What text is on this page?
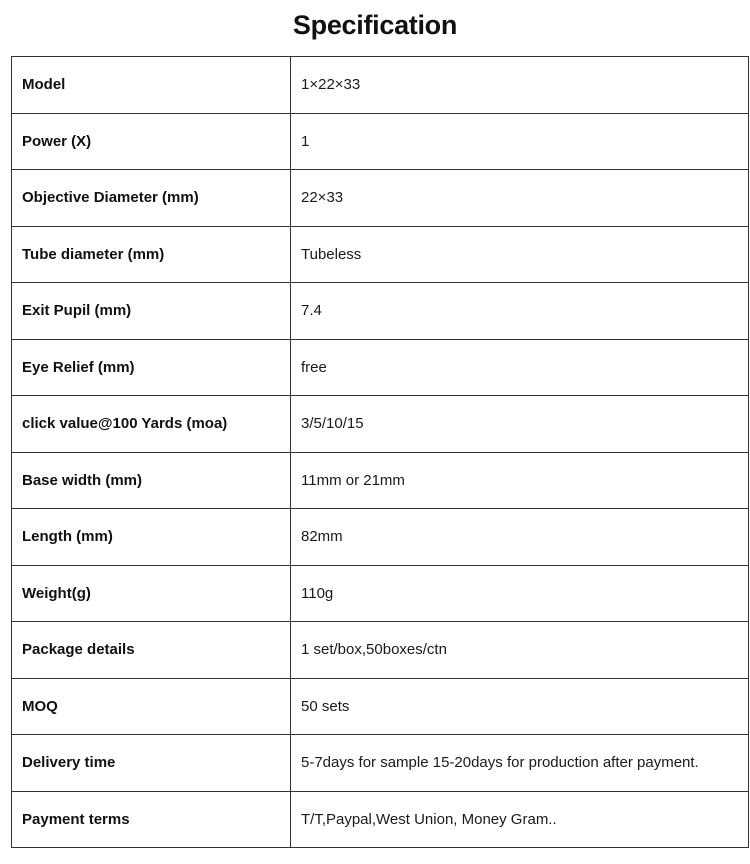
Specification
Model	1×22×33
Power (X)	1
Objective Diameter (mm)	22×33
Tube diameter (mm)	Tubeless
Exit Pupil (mm)	7.4
Eye Relief (mm)	free
click value@100 Yards (moa)	3/5/10/15
Base width (mm)	11mm or 21mm
Length (mm)	82mm
Weight(g)	110g
Package details	1 set/box,50boxes/ctn
MOQ	50 sets
Delivery time	5-7days for sample 15-20days for production after payment.
Payment terms	T/T,Paypal,West Union, Money Gram..
